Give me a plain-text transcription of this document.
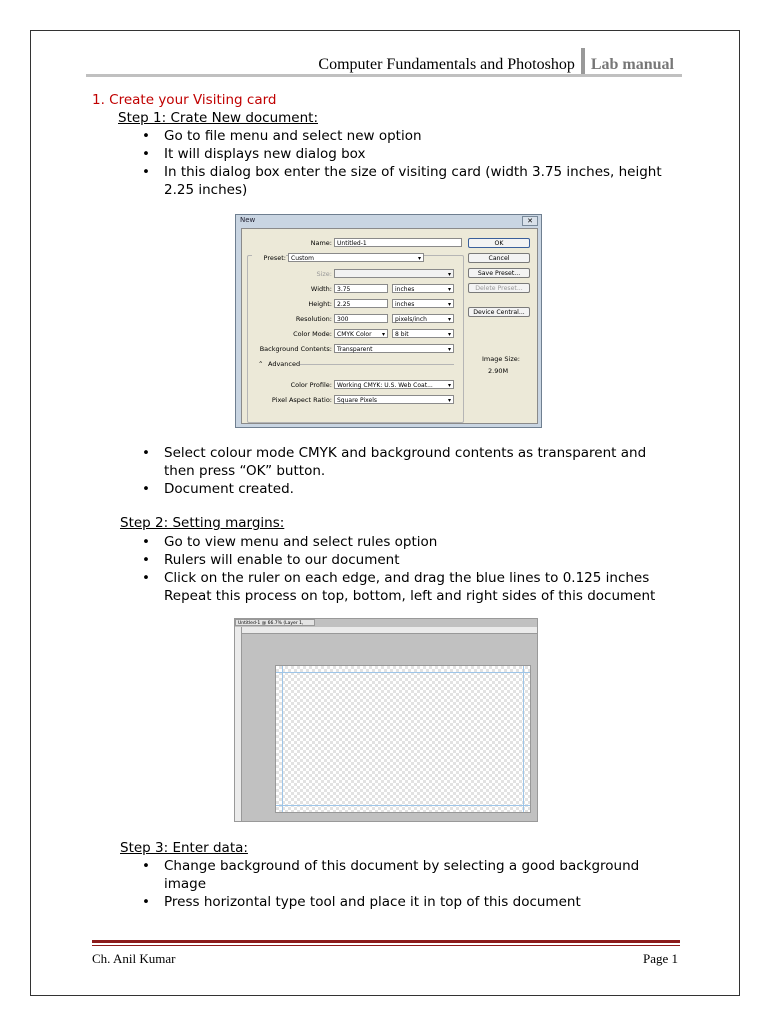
Computer Fundamentals and Photoshop	Lab manual
1. Create your Visiting card
Step 1: Crate New document:
• Go to file menu and select new option
• It will displays new dialog box
• In this dialog box enter the size of visiting card (width 3.75 inches, height 2.25 inches)
New	✕
Name: Untitled-1
Preset: Custom ▾
Size:
▾
Width: 3.75	inches ▾
Height: 2.25	inches ▾
Resolution: 300	pixels/inch ▾
Color Mode: CMYK Color ▾	8 bit ▾
Background Contents: Transparent ▾
⌃ Advanced
Color Profile: Working CMYK: U.S. Web Coat... ▾
Pixel Aspect Ratio: Square Pixels ▾
OK
Cancel
Save Preset...
Delete Preset...
Device Central...
Image Size:
2.90M
• Select colour mode CMYK and background contents as transparent and then press “OK” button.
• Document created.
Step 2: Setting margins:
• Go to view menu and select rules option
• Rulers will enable to our document
• Click on the ruler on each edge, and drag the blue lines to 0.125 inches
Repeat this process on top, bottom, left and right sides of this document
Untitled-1 @ 66.7% (Layer 1,
Step 3: Enter data:
• Change background of this document by selecting a good background image
• Press horizontal type tool and place it in top of this document
Ch. Anil Kumar	Page 1
